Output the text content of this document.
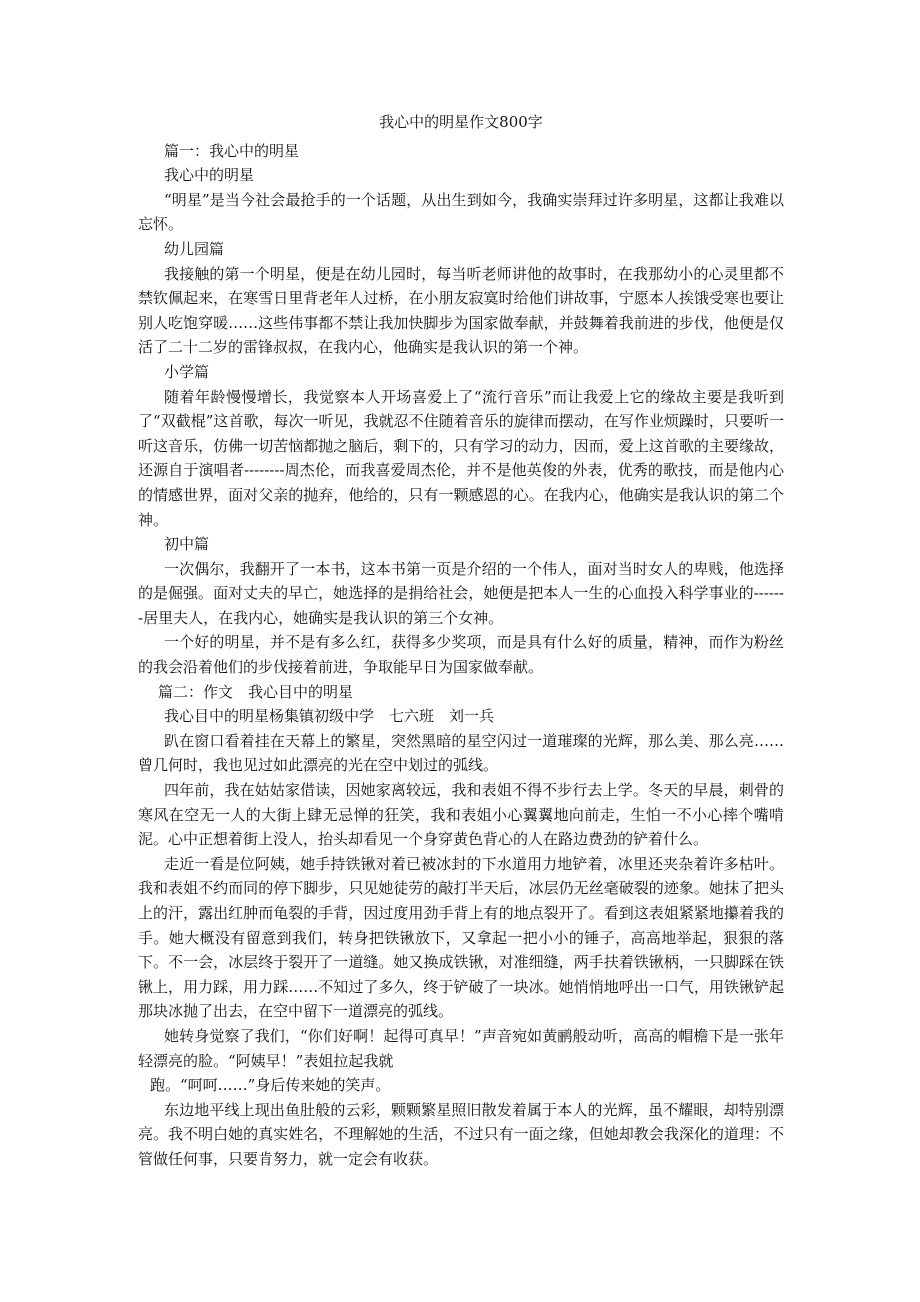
我心中的明星作文800字

篇一：我心中的明星

我心中的明星

“明星”是当今社会最抢手的一个话题，从出生到如今，我确实崇拜过许多明星，这都让我难以忘怀。

幼儿园篇

我接触的第一个明星，便是在幼儿园时，每当听老师讲他的故事时，在我那幼小的心灵里都不禁钦佩起来，在寒雪日里背老年人过桥，在小朋友寂寞时给他们讲故事，宁愿本人挨饿受寒也要让别人吃饱穿暖……这些伟事都不禁让我加快脚步为国家做奉献，并鼓舞着我前进的步伐，他便是仅活了二十二岁的雷锋叔叔，在我内心，他确实是我认识的第一个神。

小学篇

随着年龄慢慢增长，我觉察本人开场喜爱上了“流行音乐”而让我爱上它的缘故主要是我听到了“双截棍”这首歌，每次一听见，我就忍不住随着音乐的旋律而摆动，在写作业烦躁时，只要听一听这音乐，仿佛一切苦恼都抛之脑后，剩下的，只有学习的动力，因而，爱上这首歌的主要缘故，还源自于演唱者--------周杰伦，而我喜爱周杰伦，并不是他英俊的外表，优秀的歌技，而是他内心的情感世界，面对父亲的抛弃，他给的，只有一颗感恩的心。在我内心，他确实是我认识的第二个神。

初中篇

一次偶尔，我翻开了一本书，这本书第一页是介绍的一个伟人，面对当时女人的卑贱，他选择的是倔强。面对丈夫的早亡，她选择的是捐给社会，她便是把本人一生的心血投入科学事业的-------居里夫人，在我内心，她确实是我认识的第三个女神。

一个好的明星，并不是有多么红，获得多少奖项，而是具有什么好的质量，精神，而作为粉丝的我会沿着他们的步伐接着前进，争取能早日为国家做奉献。

篇二：作文　我心目中的明星

我心目中的明星杨集镇初级中学　七六班　刘一兵

趴在窗口看着挂在天幕上的繁星，突然黑暗的星空闪过一道璀璨的光辉，那么美、那么亮……曾几何时，我也见过如此漂亮的光在空中划过的弧线。

四年前，我在姑姑家借读，因她家离较远，我和表姐不得不步行去上学。冬天的早晨，刺骨的寒风在空无一人的大街上肆无忌惮的狂笑，我和表姐小心翼翼地向前走，生怕一不小心摔个嘴啃泥。心中正想着街上没人，抬头却看见一个身穿黄色背心的人在路边费劲的铲着什么。

走近一看是位阿姨，她手持铁锹对着已被冰封的下水道用力地铲着，冰里还夹杂着许多枯叶。我和表姐不约而同的停下脚步，只见她徒劳的敲打半天后，冰层仍无丝毫破裂的迹象。她抹了把头上的汗，露出红肿而龟裂的手背，因过度用劲手背上有的地点裂开了。看到这表姐紧紧地攥着我的手。她大概没有留意到我们，转身把铁锹放下，又拿起一把小小的锤子，高高地举起，狠狠的落下。不一会，冰层终于裂开了一道缝。她又换成铁锹，对准细缝，两手扶着铁锹柄，一只脚踩在铁锹上，用力踩，用力踩……不知过了多久，终于铲破了一块冰。她悄悄地呼出一口气，用铁锹铲起那块冰抛了出去，在空中留下一道漂亮的弧线。

她转身觉察了我们，“你们好啊！起得可真早！”声音宛如黄鹂般动听，高高的帽檐下是一张年轻漂亮的脸。“阿姨早！”表姐拉起我就

跑。“呵呵……”身后传来她的笑声。

东边地平线上现出鱼肚般的云彩，颗颗繁星照旧散发着属于本人的光辉，虽不耀眼，却特别漂亮。我不明白她的真实姓名，不理解她的生活，不过只有一面之缘，但她却教会我深化的道理：不管做任何事，只要肯努力，就一定会有收获。
